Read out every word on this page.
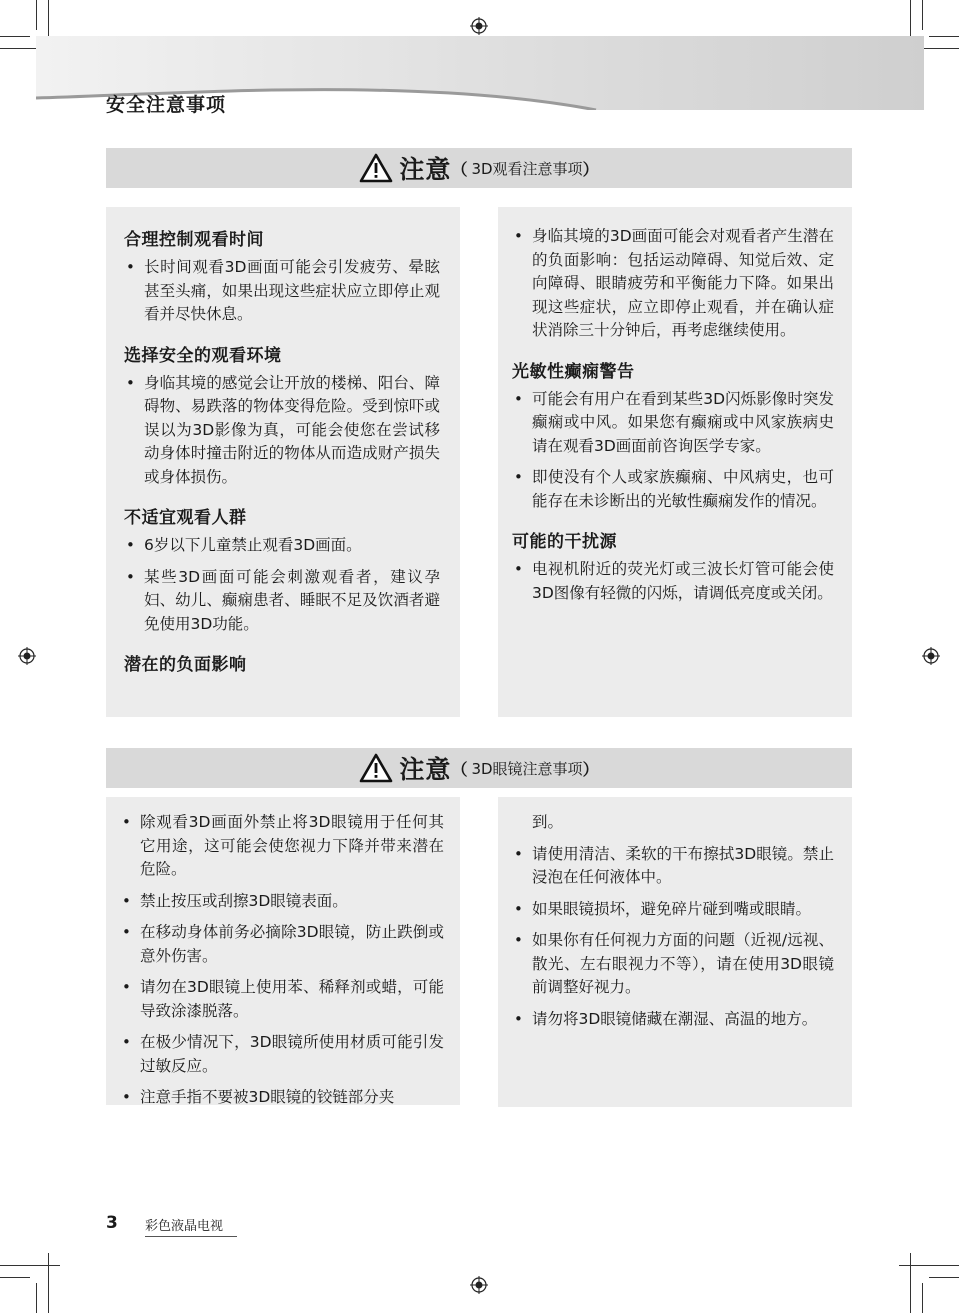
安全注意事项
注意 （ 3D观看注意事项 ）
合理控制观看时间
• 长时间观看3D画面可能会引发疲劳、晕眩甚至头痛，如果出现这些症状应立即停止观看并尽快休息。
选择安全的观看环境
• 身临其境的感觉会让开放的楼梯、阳台、障碍物、易跌落的物体变得危险。受到惊吓或误以为3D影像为真，可能会使您在尝试移动身体时撞击附近的物体从而造成财产损失或身体损伤。
不适宜观看人群
• 6岁以下儿童禁止观看3D画面。
• 某些3D画面可能会刺激观看者，建议孕妇、幼儿、癫痫患者、睡眠不足及饮酒者避免使用3D功能。
潜在的负面影响
• 身临其境的3D画面可能会对观看者产生潜在的负面影响：包括运动障碍、知觉后效、定向障碍、眼睛疲劳和平衡能力下降。如果出现这些症状，应立即停止观看，并在确认症状消除三十分钟后，再考虑继续使用。
光敏性癫痫警告
• 可能会有用户在看到某些3D闪烁影像时突发癫痫或中风。如果您有癫痫或中风家族病史请在观看3D画面前咨询医学专家。
• 即使没有个人或家族癫痫、中风病史，也可能存在未诊断出的光敏性癫痫发作的情况。
可能的干扰源
• 电视机附近的荧光灯或三波长灯管可能会使3D图像有轻微的闪烁，请调低亮度或关闭。
注意 （ 3D眼镜注意事项 ）
• 除观看3D画面外禁止将3D眼镜用于任何其它用途，这可能会使您视力下降并带来潜在危险。
• 禁止按压或刮擦3D眼镜表面。
• 在移动身体前务必摘除3D眼镜，防止跌倒或意外伤害。
• 请勿在3D眼镜上使用苯、稀释剂或蜡，可能导致涂漆脱落。
• 在极少情况下，3D眼镜所使用材质可能引发过敏反应。
• 注意手指不要被3D眼镜的铰链部分夹
到。
• 请使用清洁、柔软的干布擦拭3D眼镜。禁止浸泡在任何液体中。
• 如果眼镜损坏，避免碎片碰到嘴或眼睛。
• 如果你有任何视力方面的问题（近视/远视、散光、左右眼视力不等），请在使用3D眼镜前调整好视力。
• 请勿将3D眼镜储藏在潮湿、高温的地方。
3 彩色液晶电视
